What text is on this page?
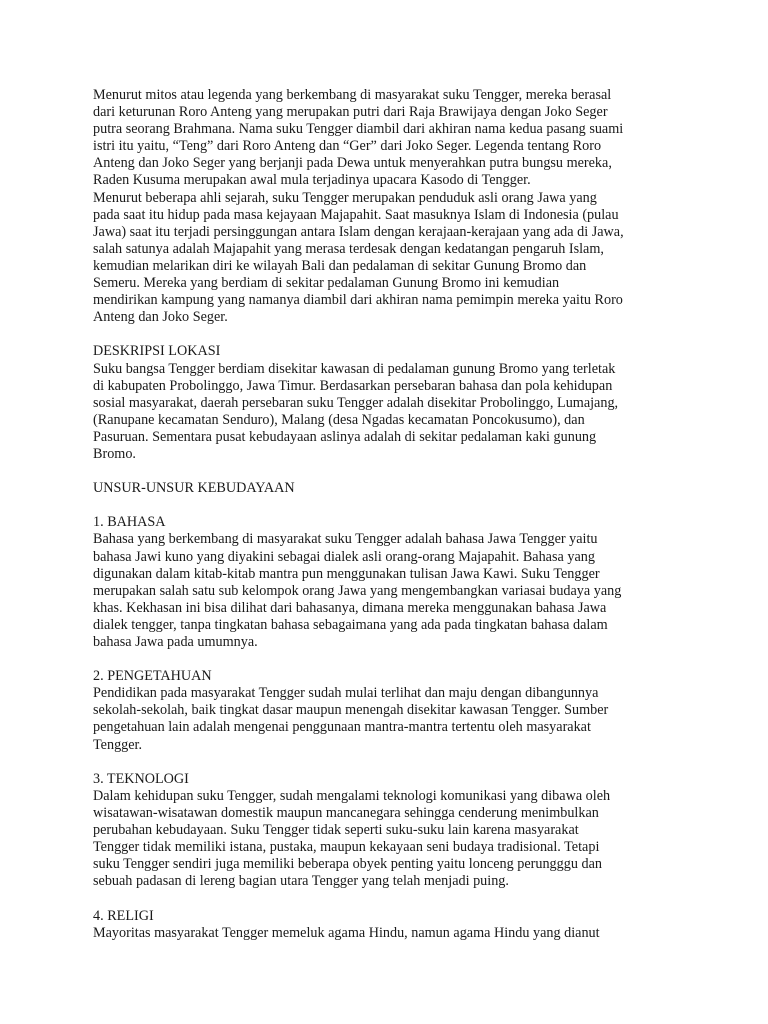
Menurut mitos atau legenda yang berkembang di masyarakat suku Tengger, mereka berasal
dari keturunan Roro Anteng yang merupakan putri dari Raja Brawijaya dengan Joko Seger
putra seorang Brahmana. Nama suku Tengger diambil dari akhiran nama kedua pasang suami
istri itu yaitu, “Teng” dari Roro Anteng dan “Ger” dari Joko Seger. Legenda tentang Roro
Anteng dan Joko Seger yang berjanji pada Dewa untuk menyerahkan putra bungsu mereka,
Raden Kusuma merupakan awal mula terjadinya upacara Kasodo di Tengger.
Menurut beberapa ahli sejarah, suku Tengger merupakan penduduk asli orang Jawa yang
pada saat itu hidup pada masa kejayaan Majapahit. Saat masuknya Islam di Indonesia (pulau
Jawa) saat itu terjadi persinggungan antara Islam dengan kerajaan-kerajaan yang ada di Jawa,
salah satunya adalah Majapahit yang merasa terdesak dengan kedatangan pengaruh Islam,
kemudian melarikan diri ke wilayah Bali dan pedalaman di sekitar Gunung Bromo dan
Semeru. Mereka yang berdiam di sekitar pedalaman Gunung Bromo ini kemudian
mendirikan kampung yang namanya diambil dari akhiran nama pemimpin mereka yaitu Roro
Anteng dan Joko Seger.
DESKRIPSI LOKASI
Suku bangsa Tengger berdiam disekitar kawasan di pedalaman gunung Bromo yang terletak
di kabupaten Probolinggo, Jawa Timur. Berdasarkan persebaran bahasa dan pola kehidupan
sosial masyarakat, daerah persebaran suku Tengger adalah disekitar Probolinggo, Lumajang,
(Ranupane kecamatan Senduro), Malang (desa Ngadas kecamatan Poncokusumo), dan
Pasuruan. Sementara pusat kebudayaan aslinya adalah di sekitar pedalaman kaki gunung
Bromo.
UNSUR-UNSUR KEBUDAYAAN
1. BAHASA
Bahasa yang berkembang di masyarakat suku Tengger adalah bahasa Jawa Tengger yaitu
bahasa Jawi kuno yang diyakini sebagai dialek asli orang-orang Majapahit. Bahasa yang
digunakan dalam kitab-kitab mantra pun menggunakan tulisan Jawa Kawi. Suku Tengger
merupakan salah satu sub kelompok orang Jawa yang mengembangkan variasai budaya yang
khas. Kekhasan ini bisa dilihat dari bahasanya, dimana mereka menggunakan bahasa Jawa
dialek tengger, tanpa tingkatan bahasa sebagaimana yang ada pada tingkatan bahasa dalam
bahasa Jawa pada umumnya.
2. PENGETAHUAN
Pendidikan pada masyarakat Tengger sudah mulai terlihat dan maju dengan dibangunnya
sekolah-sekolah, baik tingkat dasar maupun menengah disekitar kawasan Tengger. Sumber
pengetahuan lain adalah mengenai penggunaan mantra-mantra tertentu oleh masyarakat
Tengger.
3. TEKNOLOGI
Dalam kehidupan suku Tengger, sudah mengalami teknologi komunikasi yang dibawa oleh
wisatawan-wisatawan domestik maupun mancanegara sehingga cenderung menimbulkan
perubahan kebudayaan. Suku Tengger tidak seperti suku-suku lain karena masyarakat
Tengger tidak memiliki istana, pustaka, maupun kekayaan seni budaya tradisional. Tetapi
suku Tengger sendiri juga memiliki beberapa obyek penting yaitu lonceng perungggu dan
sebuah padasan di lereng bagian utara Tengger yang telah menjadi puing.
4. RELIGI
Mayoritas masyarakat Tengger memeluk agama Hindu, namun agama Hindu yang dianut
